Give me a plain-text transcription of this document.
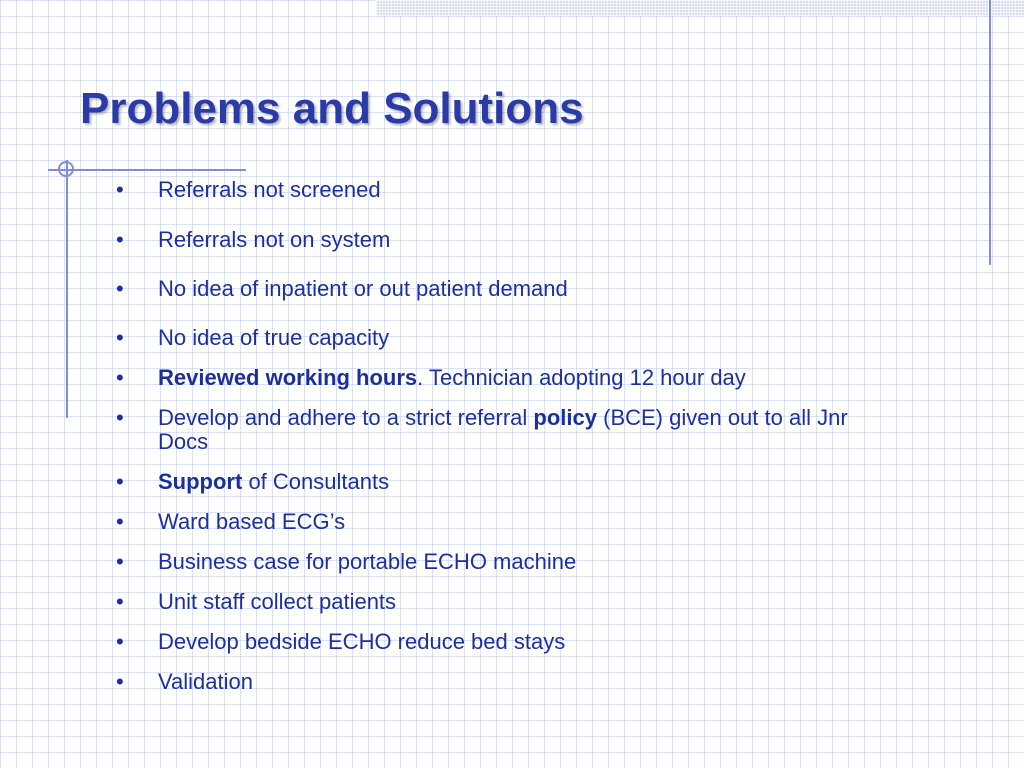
Problems and Solutions
•	Referrals not screened
•	Referrals not on system
•	No idea of inpatient or out patient demand
•	No idea of true capacity
•	Reviewed working hours. Technician adopting 12 hour day
•	Develop and adhere to a strict referral policy (BCE) given out to all Jnr
Docs
•	Support of Consultants
•	Ward based ECG’s
•	Business case for portable ECHO machine
•	Unit staff collect patients
•	Develop bedside ECHO reduce bed stays
•	Validation
